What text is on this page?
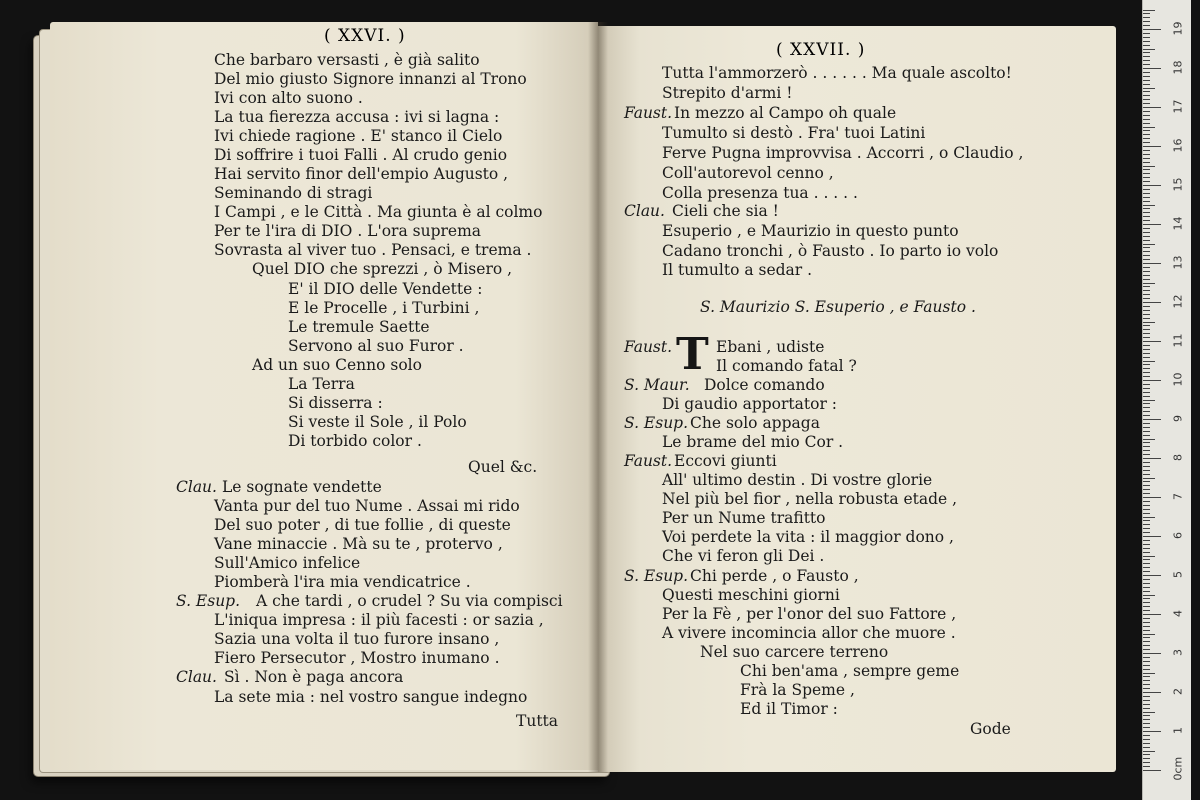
( XXVI. )
Che barbaro versasti , è già salito
Del mio giusto Signore innanzi al Trono
Ivi con alto suono .
La tua fierezza accusa : ivi si lagna :
Ivi chiede ragione . E' stanco il Cielo
Di soffrire i tuoi Falli . Al crudo genio
Hai servito finor dell'empio Augusto ,
Seminando di stragi
I Campi , e le Città . Ma giunta è al colmo
Per te l'ira di DIO . L'ora suprema
Sovrasta al viver tuo . Pensaci, e trema .
Quel DIO che sprezzi , ò Misero ,
E' il DIO delle Vendette :
E le Procelle , i Turbini ,
Le tremule Saette
Servono al suo Furor .
Ad un suo Cenno solo
La Terra
Si disserra :
Si veste il Sole , il Polo
Di torbido color .
Quel &c.
Clau. Le sognate vendette
Vanta pur del tuo Nume . Assai mi rido
Del suo poter , di tue follie , di queste
Vane minaccie . Mà su te , protervo ,
Sull'Amico infelice
Piomberà l'ira mia vendicatrice .
S. Esup. A che tardi , o crudel ? Su via compisci
L'iniqua impresa : il più facesti : or sazia ,
Sazia una volta il tuo furore insano ,
Fiero Persecutor , Mostro inumano .
Clau. Sì . Non è paga ancora
La sete mia : nel vostro sangue indegno
Tutta
( XXVII. )
Tutta l'ammorzerò . . . . . . Ma quale ascolto!
Strepito d'armi !
Faust. In mezzo al Campo oh quale
Tumulto si destò . Fra' tuoi Latini
Ferve Pugna improvvisa . Accorri , o Claudio ,
Coll'autorevol cenno ,
Colla presenza tua . . . . .
Clau. Cieli che sia !
Esuperio , e Maurizio in questo punto
Cadano tronchi , ò Fausto . Io parto io volo
Il tumulto a sedar .
S. Maurizio S. Esuperio , e Fausto .
Faust. T Ebani , udiste
Il comando fatal ?
S. Maur. Dolce comando
Di gaudio apportator :
S. Esup. Che solo appaga
Le brame del mio Cor .
Faust. Eccovi giunti
All' ultimo destin . Di vostre glorie
Nel più bel fior , nella robusta etade ,
Per un Nume trafitto
Voi perdete la vita : il maggior dono ,
Che vi feron gli Dei .
S. Esup. Chi perde , o Fausto ,
Questi meschini giorni
Per la Fè , per l'onor del suo Fattore ,
A vivere incomincia allor che muore .
Nel suo carcere terreno
Chi ben'ama , sempre geme
Frà la Speme ,
Ed il Timor :
Gode
0cm
1
2
3
4
5
6
7
8
9
10
11
12
13
14
15
16
17
18
19
